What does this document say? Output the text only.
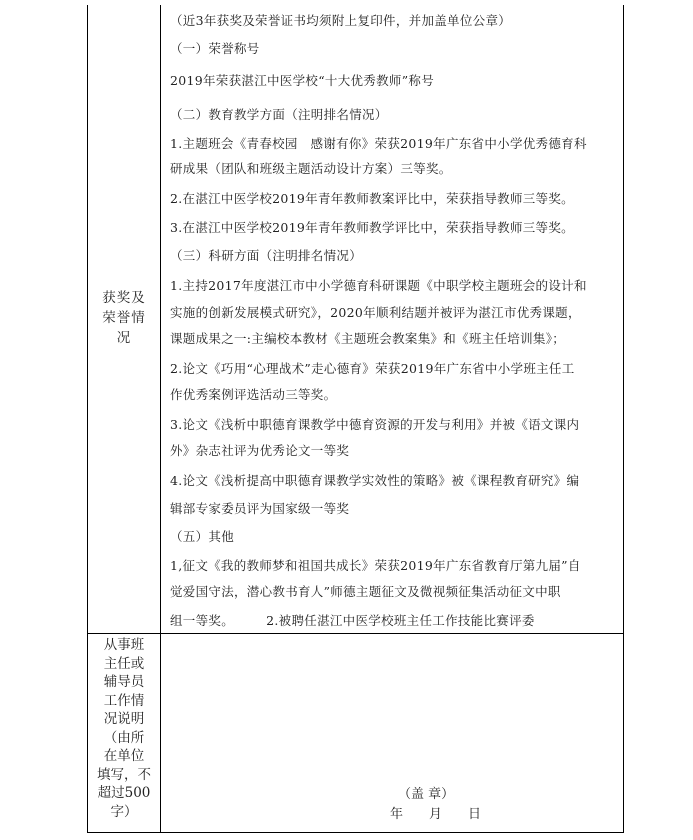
获奖及
荣誉情
况
（近3年获奖及荣誉证书均须附上复印件，并加盖单位公章）
（一）荣誉称号
2019年荣获湛江中医学校“十大优秀教师”称号
（二）教育教学方面（注明排名情况）
1.主题班会《青春校园　感谢有你》荣获2019年广东省中小学优秀德育科
研成果（团队和班级主题活动设计方案）三等奖。
2.在湛江中医学校2019年青年教师教案评比中，荣获指导教师三等奖。
3.在湛江中医学校2019年青年教师教学评比中，荣获指导教师三等奖。
（三）科研方面（注明排名情况）
1.主持2017年度湛江市中小学德育科研课题《中职学校主题班会的设计和
实施的创新发展模式研究》，2020年顺利结题并被评为湛江市优秀课题，
课题成果之一:主编校本教材《主题班会教案集》和《班主任培训集》；
2.论文《巧用“心理战术”走心德育》荣获2019年广东省中小学班主任工
作优秀案例评选活动三等奖。
3.论文《浅析中职德育课教学中德育资源的开发与利用》并被《语文课内
外》杂志社评为优秀论文一等奖
4.论文《浅析提高中职德育课教学实效性的策略》被《课程教育研究》编
辑部专家委员评为国家级一等奖
（五）其他
1,征文《我的教师梦和祖国共成长》荣获2019年广东省教育厅第九届”自
觉爱国守法，潜心教书育人”师德主题征文及微视频征集活动征文中职
组一等奖。　　　2.被聘任湛江中医学校班主任工作技能比赛评委
从事班
主任或
辅导员
工作情
况说明
（由所
在单位
填写，不
超过500
字）
（盖 章）
年　　月　　日
